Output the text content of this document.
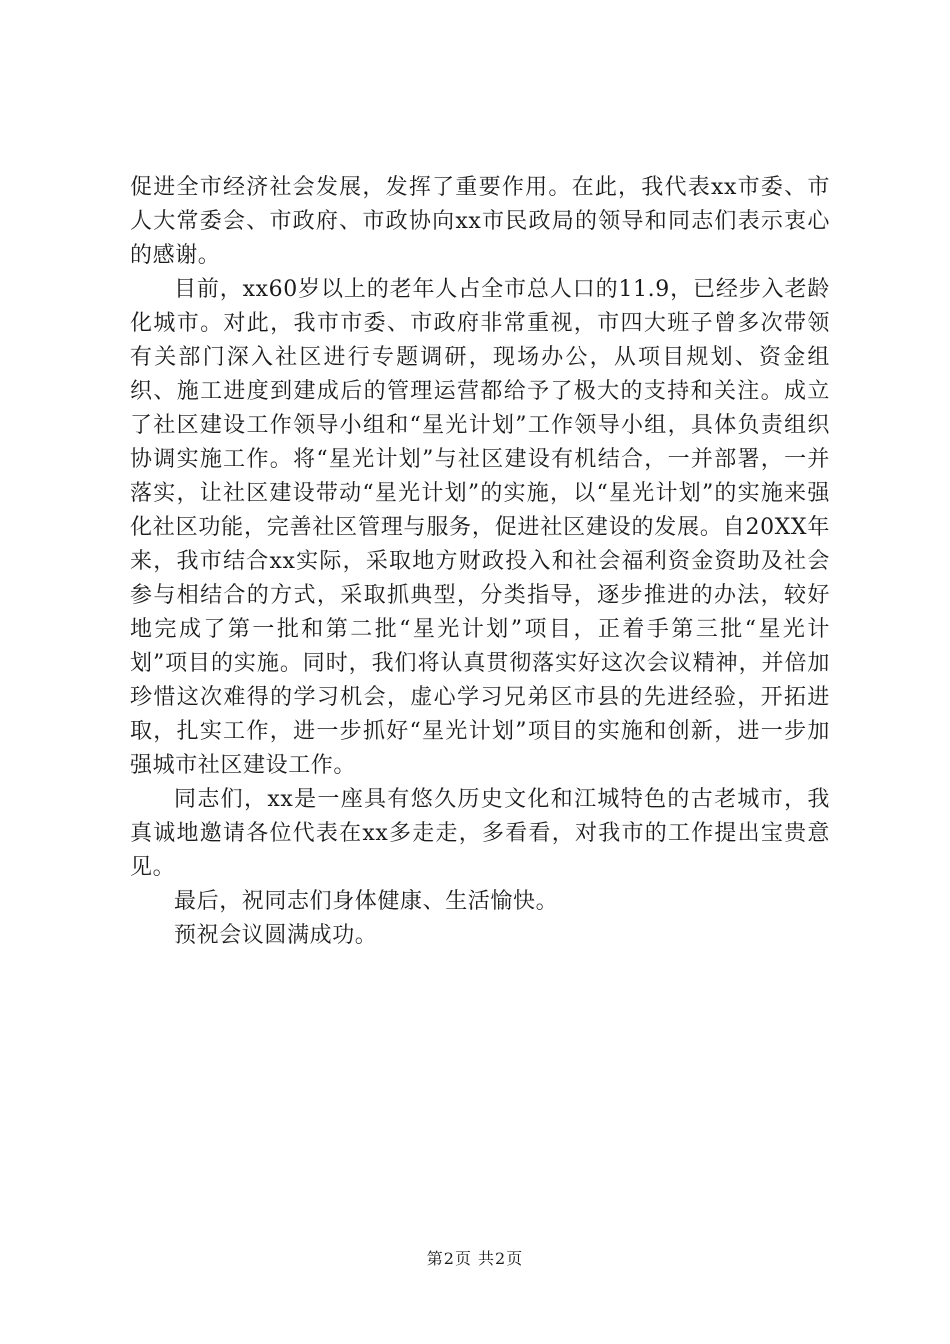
促进全市经济社会发展，发挥了重要作用。在此，我代表xx市委、市人大常委会、市政府、市政协向xx市民政局的领导和同志们表示衷心的感谢。

目前，xx60岁以上的老年人占全市总人口的11.9，已经步入老龄化城市。对此，我市市委、市政府非常重视，市四大班子曾多次带领有关部门深入社区进行专题调研，现场办公，从项目规划、资金组织、施工进度到建成后的管理运营都给予了极大的支持和关注。成立了社区建设工作领导小组和“星光计划”工作领导小组，具体负责组织协调实施工作。将“星光计划”与社区建设有机结合，一并部署，一并落实，让社区建设带动“星光计划”的实施，以“星光计划”的实施来强化社区功能，完善社区管理与服务，促进社区建设的发展。自20XX年来，我市结合xx实际，采取地方财政投入和社会福利资金资助及社会参与相结合的方式，采取抓典型，分类指导，逐步推进的办法，较好地完成了第一批和第二批“星光计划”项目，正着手第三批“星光计划”项目的实施。同时，我们将认真贯彻落实好这次会议精神，并倍加珍惜这次难得的学习机会，虚心学习兄弟区市县的先进经验，开拓进取，扎实工作，进一步抓好“星光计划”项目的实施和创新，进一步加强城市社区建设工作。

同志们，xx是一座具有悠久历史文化和江城特色的古老城市，我真诚地邀请各位代表在xx多走走，多看看，对我市的工作提出宝贵意见。

最后，祝同志们身体健康、生活愉快。

预祝会议圆满成功。

第2页 共2页
